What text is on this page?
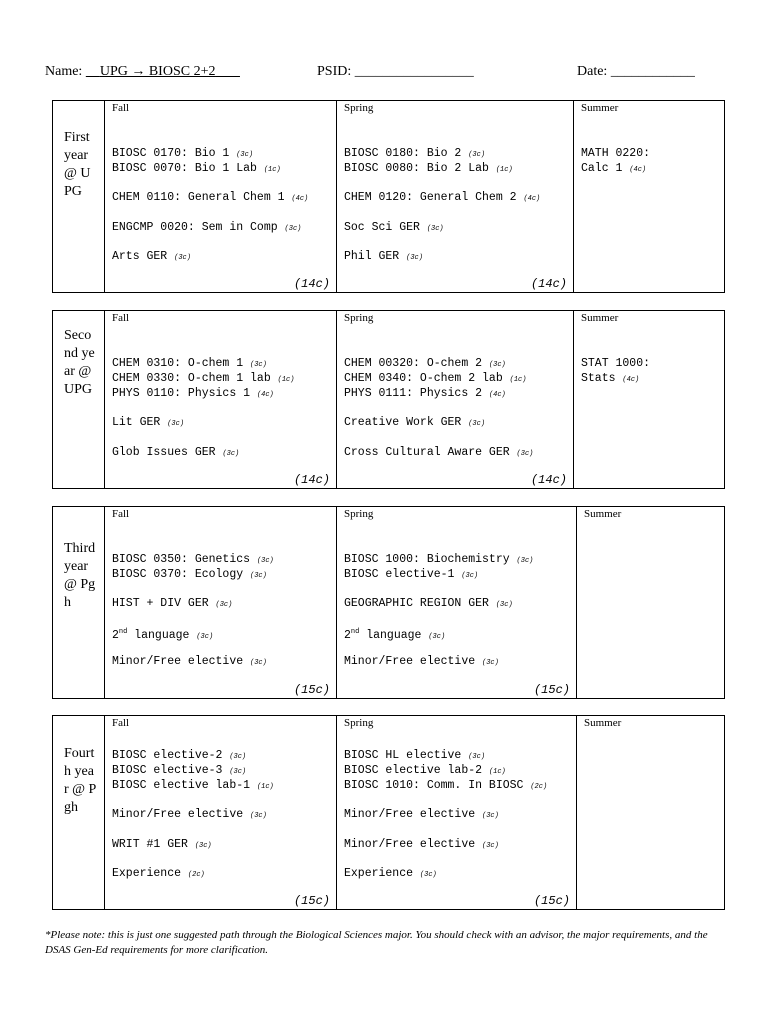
Name: UPG → BIOSC 2+2	PSID: _________________	Date: ____________
First year @ UPG
Fall
BIOSC 0170: Bio 1 (3c)
BIOSC 0070: Bio 1 Lab (1c)
CHEM 0110: General Chem 1 (4c)
ENGCMP 0020: Sem in Comp (3c)
Arts GER (3c)
(14c)
Spring
BIOSC 0180: Bio 2 (3c)
BIOSC 0080: Bio 2 Lab (1c)
CHEM 0120: General Chem 2 (4c)
Soc Sci GER (3c)
Phil GER (3c)
(14c)
Summer
MATH 0220:
Calc 1 (4c)
Second year @ UPG
Fall
CHEM 0310: O-chem 1 (3c)
CHEM 0330: O-chem 1 lab (1c)
PHYS 0110: Physics 1 (4c)
Lit GER (3c)
Glob Issues GER (3c)
(14c)
Spring
CHEM 00320: O-chem 2 (3c)
CHEM 0340: O-chem 2 lab (1c)
PHYS 0111: Physics 2 (4c)
Creative Work GER (3c)
Cross Cultural Aware GER (3c)
(14c)
Summer
STAT 1000:
Stats (4c)
Third year @ Pgh
Fall
BIOSC 0350: Genetics (3c)
BIOSC 0370: Ecology (3c)
HIST + DIV GER (3c)
2nd language (3c)
Minor/Free elective (3c)
(15c)
Spring
BIOSC 1000: Biochemistry (3c)
BIOSC elective-1 (3c)
GEOGRAPHIC REGION GER (3c)
2nd language (3c)
Minor/Free elective (3c)
(15c)
Summer
Fourth year @ Pgh
Fall
BIOSC elective-2 (3c)
BIOSC elective-3 (3c)
BIOSC elective lab-1 (1c)
Minor/Free elective (3c)
WRIT #1 GER (3c)
Experience (2c)
(15c)
Spring
BIOSC HL elective (3c)
BIOSC elective lab-2 (1c)
BIOSC 1010: Comm. In BIOSC (2c)
Minor/Free elective (3c)
Minor/Free elective (3c)
Experience (3c)
(15c)
Summer
*Please note: this is just one suggested path through the Biological Sciences major. You should check with an advisor, the major requirements, and the DSAS Gen-Ed requirements for more clarification.
